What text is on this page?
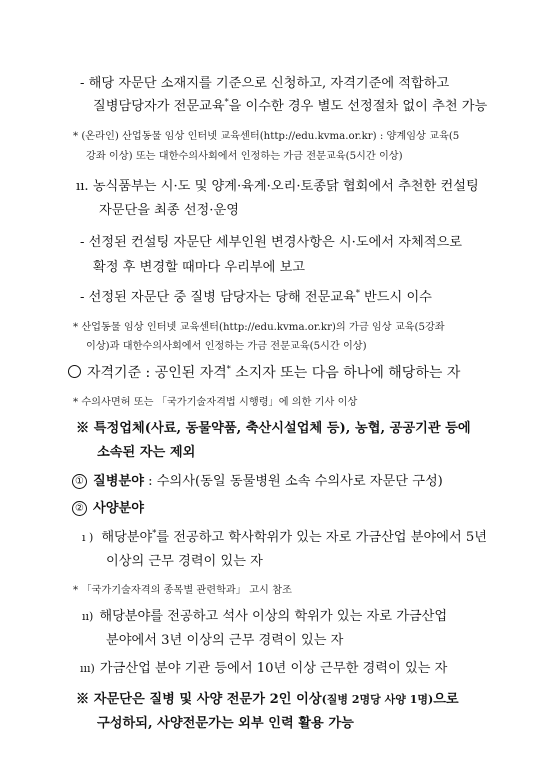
- 해당 자문단 소재지를 기준으로 신청하고, 자격기준에 적합하고
질병담당자가 전문교육*을 이수한 경우 별도 선정절차 없이 추천 가능
* (온라인) 산업동물 임상 인터넷 교육센터(http://edu.kvma.or.kr) : 양계임상 교육(5
강좌 이상) 또는 대한수의사회에서 인정하는 가금 전문교육(5시간 이상)
ıı. 농식품부는 시·도 및 양계·육계·오리·토종닭 협회에서 추천한 컨설팅
자문단을 최종 선정·운영
- 선정된 컨설팅 자문단 세부인원 변경사항은 시·도에서 자체적으로
확정 후 변경할 때마다 우리부에 보고
- 선정된 자문단 중 질병 담당자는 당해 전문교육* 반드시 이수
* 산업동물 임상 인터넷 교육센터(http://edu.kvma.or.kr)의 가금 임상 교육(5강좌
이상)과 대한수의사회에서 인정하는 가금 전문교육(5시간 이상)
자격기준 : 공인된 자격* 소지자 또는 다음 하나에 해당하는 자
* 수의사면허 또는 「국가기술자격법 시행령」에 의한 기사 이상
※ 특정업체(사료, 동물약품, 축산시설업체 등), 농협, 공공기관 등에
소속된 자는 제외
① 질병분야 : 수의사(동일 동물병원 소속 수의사로 자문단 구성)
② 사양분야
ı ) 해당분야*를 전공하고 학사학위가 있는 자로 가금산업 분야에서 5년
이상의 근무 경력이 있는 자
* 「국가기술자격의 종목별 관련학과」 고시 참조
ıı) 해당분야를 전공하고 석사 이상의 학위가 있는 자로 가금산업
분야에서 3년 이상의 근무 경력이 있는 자
ııı) 가금산업 분야 기관 등에서 10년 이상 근무한 경력이 있는 자
※ 자문단은 질병 및 사양 전문가 2인 이상(질병 2명당 사양 1명)으로
구성하되, 사양전문가는 외부 인력 활용 가능
